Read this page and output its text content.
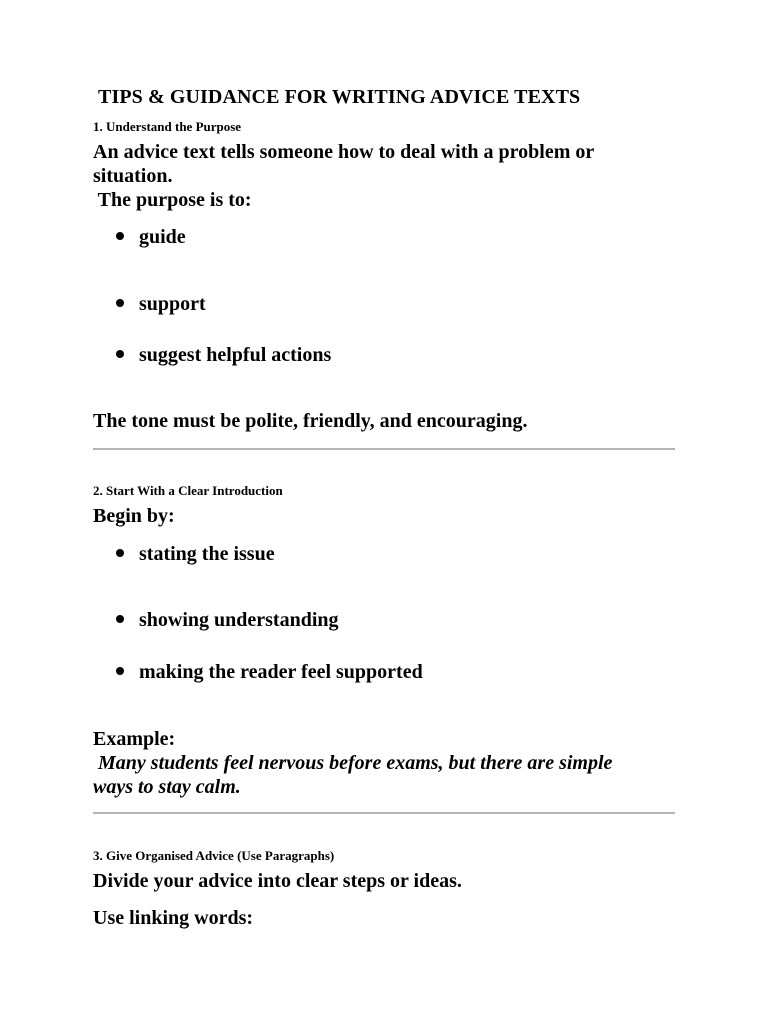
TIPS & GUIDANCE FOR WRITING ADVICE TEXTS
1. Understand the Purpose
An advice text tells someone how to deal with a problem or
situation.
The purpose is to:
guide
support
suggest helpful actions
The tone must be polite, friendly, and encouraging.
2. Start With a Clear Introduction
Begin by:
stating the issue
showing understanding
making the reader feel supported
Example:
Many students feel nervous before exams, but there are simple
ways to stay calm.
3. Give Organised Advice (Use Paragraphs)
Divide your advice into clear steps or ideas.
Use linking words:
